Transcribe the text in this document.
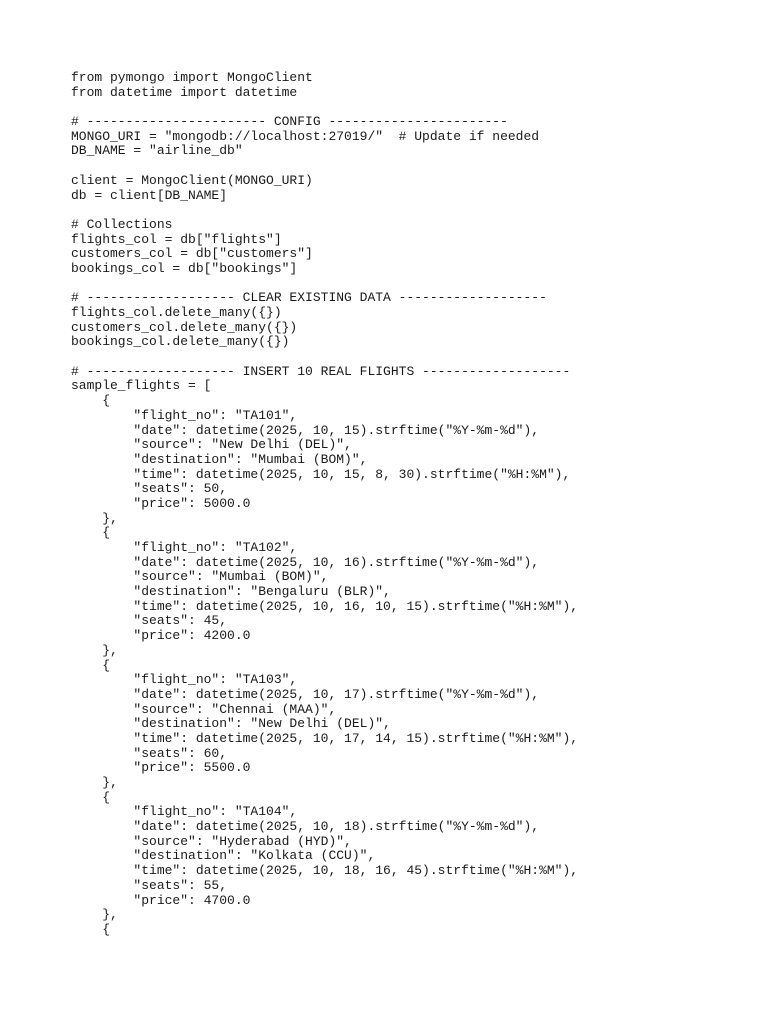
from pymongo import MongoClient
from datetime import datetime
# ----------------------- CONFIG -----------------------
MONGO_URI = "mongodb://localhost:27019/"  # Update if needed
DB_NAME = "airline_db"
client = MongoClient(MONGO_URI)
db = client[DB_NAME]
# Collections
flights_col = db["flights"]
customers_col = db["customers"]
bookings_col = db["bookings"]
# ------------------- CLEAR EXISTING DATA -------------------
flights_col.delete_many({})
customers_col.delete_many({})
bookings_col.delete_many({})
# ------------------- INSERT 10 REAL FLIGHTS -------------------
sample_flights = [
{
"flight_no": "TA101",
"date": datetime(2025, 10, 15).strftime("%Y-%m-%d"),
"source": "New Delhi (DEL)",
"destination": "Mumbai (BOM)",
"time": datetime(2025, 10, 15, 8, 30).strftime("%H:%M"),
"seats": 50,
"price": 5000.0
},
{
"flight_no": "TA102",
"date": datetime(2025, 10, 16).strftime("%Y-%m-%d"),
"source": "Mumbai (BOM)",
"destination": "Bengaluru (BLR)",
"time": datetime(2025, 10, 16, 10, 15).strftime("%H:%M"),
"seats": 45,
"price": 4200.0
},
{
"flight_no": "TA103",
"date": datetime(2025, 10, 17).strftime("%Y-%m-%d"),
"source": "Chennai (MAA)",
"destination": "New Delhi (DEL)",
"time": datetime(2025, 10, 17, 14, 15).strftime("%H:%M"),
"seats": 60,
"price": 5500.0
},
{
"flight_no": "TA104",
"date": datetime(2025, 10, 18).strftime("%Y-%m-%d"),
"source": "Hyderabad (HYD)",
"destination": "Kolkata (CCU)",
"time": datetime(2025, 10, 18, 16, 45).strftime("%H:%M"),
"seats": 55,
"price": 4700.0
},
{
